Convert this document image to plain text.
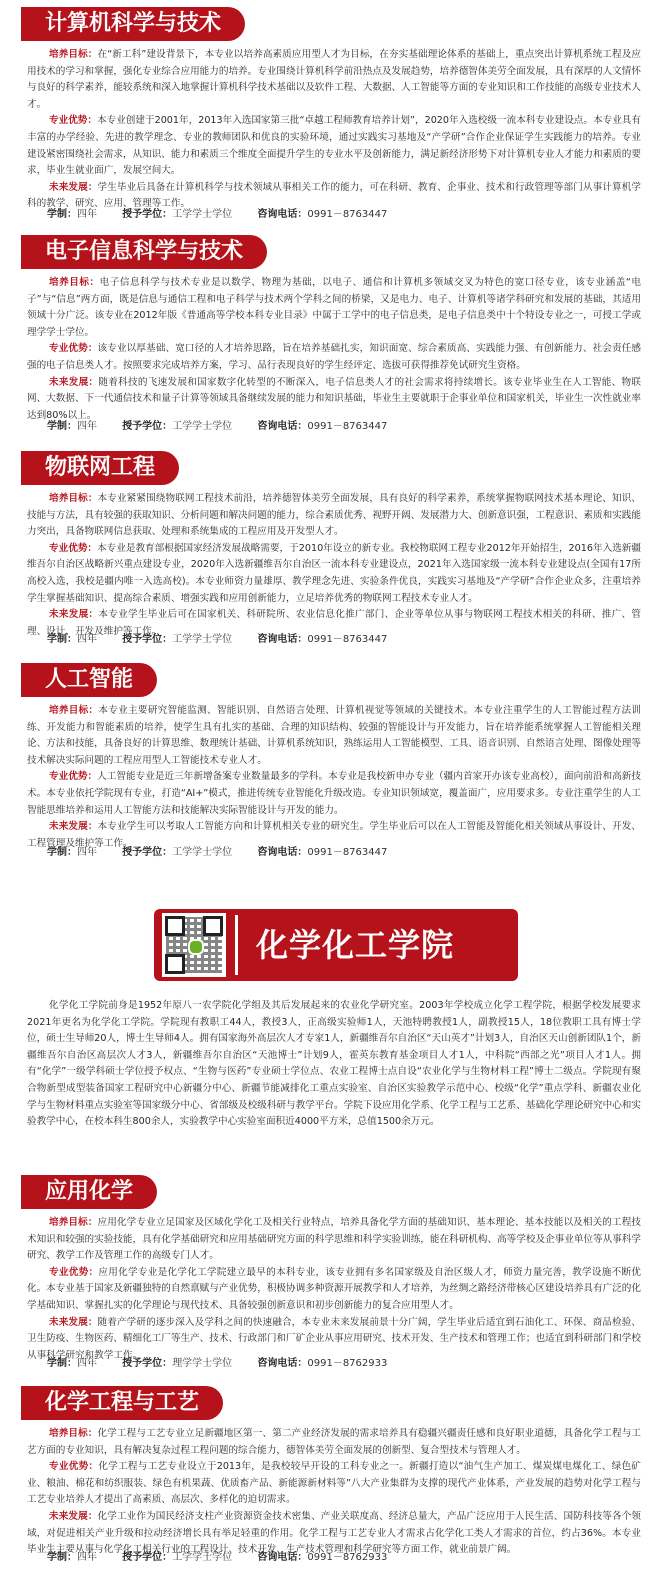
计算机科学与技术

培养目标：在“新工科”建设背景下，本专业以培养高素质应用型人才为目标，在夯实基础理论体系的基础上，重点突出计算机系统工程及应用技术的学习和掌握，强化专业综合应用能力的培养。专业围绕计算机科学前沿热点及发展趋势，培养德智体美劳全面发展，具有深厚的人文情怀与良好的科学素养，能较系统和深入地掌握计算机科学技术基础以及软件工程、大数据、人工智能等方面的专业知识和工作技能的高级专业技术人才。

专业优势：本专业创建于2001年，2013年入选国家第三批“卓越工程师教育培养计划”，2020年入选校级一流本科专业建设点。本专业具有丰富的办学经验、先进的教学理念、专业的教师团队和优良的实验环境，通过实践实习基地及“产学研”合作企业保证学生实践能力的培养。专业建设紧密围绕社会需求，从知识、能力和素质三个维度全面提升学生的专业水平及创新能力，满足新经济形势下对计算机专业人才能力和素质的要求，毕业生就业面广，发展空间大。

未来发展：学生毕业后具备在计算机科学与技术领域从事相关工作的能力，可在科研、教育、企事业、技术和行政管理等部门从事计算机学科的教学、研究、应用、管理等工作。

学制：四年	授予学位：工学学士学位	咨询电话：0991－8763447
电子信息科学与技术

培养目标：电子信息科学与技术专业是以数学、物理为基础，以电子、通信和计算机多领域交叉为特色的宽口径专业，该专业涵盖“电子”与“信息”两方面，既是信息与通信工程和电子科学与技术两个学科之间的桥梁，又是电力、电子、计算机等诸学科研究和发展的基础，其适用领域十分广泛。该专业在2012年版《普通高等学校本科专业目录》中属于工学中的电子信息类，是电子信息类中十个特设专业之一，可授工学或理学学士学位。

专业优势：该专业以厚基础、宽口径的人才培养思路，旨在培养基础扎实，知识面宽、综合素质高、实践能力强、有创新能力、社会责任感强的电子信息类人才。按照要求完成培养方案，学习、品行表现良好的学生经评定、选拔可获得推荐免试研究生资格。

未来发展：随着科技的飞速发展和国家数字化转型的不断深入，电子信息类人才的社会需求将持续增长。该专业毕业生在人工智能、物联网、大数据、下一代通信技术和量子计算等领域具备继续发展的能力和知识基础，毕业生主要就职于企事业单位和国家机关，毕业生一次性就业率达到80%以上。

学制：四年	授予学位：工学学士学位	咨询电话：0991－8763447
物联网工程

培养目标：本专业紧紧围绕物联网工程技术前沿，培养德智体美劳全面发展，具有良好的科学素养，系统掌握物联网技术基本理论、知识、技能与方法，具有较强的获取知识、分析问题和解决问题的能力，综合素质优秀、视野开阔、发展潜力大、创新意识强，工程意识、素质和实践能力突出，具备物联网信息获取、处理和系统集成的工程应用及开发型人才。

专业优势：本专业是教育部根据国家经济发展战略需要，于2010年设立的新专业。我校物联网工程专业2012年开始招生，2016年入选新疆维吾尔自治区战略新兴重点建设专业，2020年入选新疆维吾尔自治区一流本科专业建设点，2021年入选国家级一流本科专业建设点(全国有17所高校入选，我校是疆内唯一入选高校)。本专业师资力量雄厚、教学理念先进、实验条件优良，实践实习基地及“产学研”合作企业众多，注重培养学生掌握基础知识、提高综合素质、增强实践和应用创新能力，立足培养优秀的物联网工程技术专业人才。

未来发展：本专业学生毕业后可在国家机关、科研院所、农业信息化推广部门、企业等单位从事与物联网工程技术相关的科研、推广、管理、设计、开发及维护等工作。

学制：四年	授予学位：工学学士学位	咨询电话：0991－8763447
人工智能

培养目标：本专业主要研究智能监测、智能识别、自然语言处理、计算机视觉等领域的关键技术。本专业注重学生的人工智能过程方法训练、开发能力和智能素质的培养，使学生具有扎实的基础、合理的知识结构、较强的智能设计与开发能力，旨在培养能系统掌握人工智能相关理论、方法和技能，具备良好的计算思维、数理统计基础、计算机系统知识，熟练运用人工智能模型、工具、语音识别、自然语言处理、图像处理等技术解决实际问题的工程应用型人工智能技术专业人才。

专业优势：人工智能专业是近三年新增备案专业数量最多的学科。本专业是我校新申办专业（疆内首家开办该专业高校），面向前沿和高新技术。本专业依托学院现有专业，打造“AI+”模式，推进传统专业智能化升级改造。专业知识领域宽，覆盖面广，应用要求多。专业注重学生的人工智能思维培养和运用人工智能方法和技能解决实际智能设计与开发的能力。

未来发展：本专业学生可以考取人工智能方向和计算机相关专业的研究生。学生毕业后可以在人工智能及智能化相关领域从事设计、开发、工程管理及维护等工作。

学制：四年	授予学位：工学学士学位	咨询电话：0991－8763447
化学化工学院

化学化工学院前身是1952年原八一农学院化学组及其后发展起来的农业化学研究室。2003年学校成立化学工程学院，根据学校发展要求2021年更名为化学化工学院。学院现有教职工44人，教授3人，正高级实验师1人，天池特聘教授1人，副教授15人，18位教职工具有博士学位，硕士生导师20人，博士生导师4人。拥有国家海外高层次人才专家1人，新疆维吾尔自治区“天山英才”计划3人，自治区天山创新团队1个，新疆维吾尔自治区高层次人才3人，新疆维吾尔自治区“天池博士”计划9人，霍英东教育基金项目人才1人，中科院“西部之光”项目人才1人。拥有“化学”一级学科硕士学位授予权点、“生物与医药”专业硕士学位点、农业工程博士点自设“农业化学与生物材料工程”博士二级点。学院现有聚合物新型成型装备国家工程研究中心新疆分中心、新疆节能减排化工重点实验室、自治区实验教学示范中心、校级“化学”重点学科、新疆农业化学与生物材料重点实验室等国家级分中心、省部级及校级科研与教学平台。学院下设应用化学系、化学工程与工艺系、基础化学理论研究中心和实验教学中心，在校本科生800余人，实验教学中心实验室面积近4000平方米，总值1500余万元。

应用化学

培养目标：应用化学专业立足国家及区域化学化工及相关行业特点，培养具备化学方面的基础知识、基本理论、基本技能以及相关的工程技术知识和较强的实验技能，具有化学基础研究和应用基础研究方面的科学思维和科学实验训练，能在科研机构、高等学校及企事业单位等从事科学研究、教学工作及管理工作的高级专门人才。

专业优势：应用化学专业是化学化工学院建立最早的本科专业，该专业拥有多名国家级及自治区级人才，师资力量完善，教学设施不断优化。本专业基于国家及新疆独特的自然禀赋与产业优势，积极协调多种资源开展教学和人才培养，为丝绸之路经济带核心区建设培养具有广泛的化学基础知识、掌握扎实的化学理论与现代技术、具备较强创新意识和初步创新能力的复合应用型人才。

未来发展：随着产学研的逐步深入及学科之间的快速融合，本专业未来发展前景十分广阔，学生毕业后适宜到石油化工、环保、商品检验、卫生防疫、生物医药、精细化工厂等生产、技术、行政部门和厂矿企业从事应用研究、技术开发、生产技术和管理工作；也适宜到科研部门和学校从事科学研究和教学工作。

学制：四年	授予学位：理学学士学位	咨询电话：0991－8762933
化学工程与工艺

培养目标：化学工程与工艺专业立足新疆地区第一、第二产业经济发展的需求培养具有稳疆兴疆责任感和良好职业道德，具备化学工程与工艺方面的专业知识，具有解决复杂过程工程问题的综合能力，德智体美劳全面发展的创新型、复合型技术与管理人才。

专业优势：化学工程与工艺专业设立于2013年，是我校较早开设的工科专业之一。新疆打造以“油气生产加工、煤炭煤电煤化工、绿色矿业、粮油、棉花和纺织服装、绿色有机果蔬、优质畜产品、新能源新材料等”八大产业集群为支撑的现代产业体系，产业发展的趋势对化学工程与工艺专业培养人才提出了高素质、高层次、多样化的迫切需求。

未来发展：化学工业作为国民经济支柱产业资源资金技术密集、产业关联度高、经济总量大，产品广泛应用于人民生活、国防科技等各个领域，对促进相关产业升级和拉动经济增长具有举足轻重的作用。化学工程与工艺专业人才需求占化学化工类人才需求的首位，约占36%。本专业毕业生主要从事与化学化工相关行业的工程设计、技术开发、生产技术管理和科学研究等方面工作，就业前景广阔。

学制：四年	授予学位：工学学士学位	咨询电话：0991－8762933
